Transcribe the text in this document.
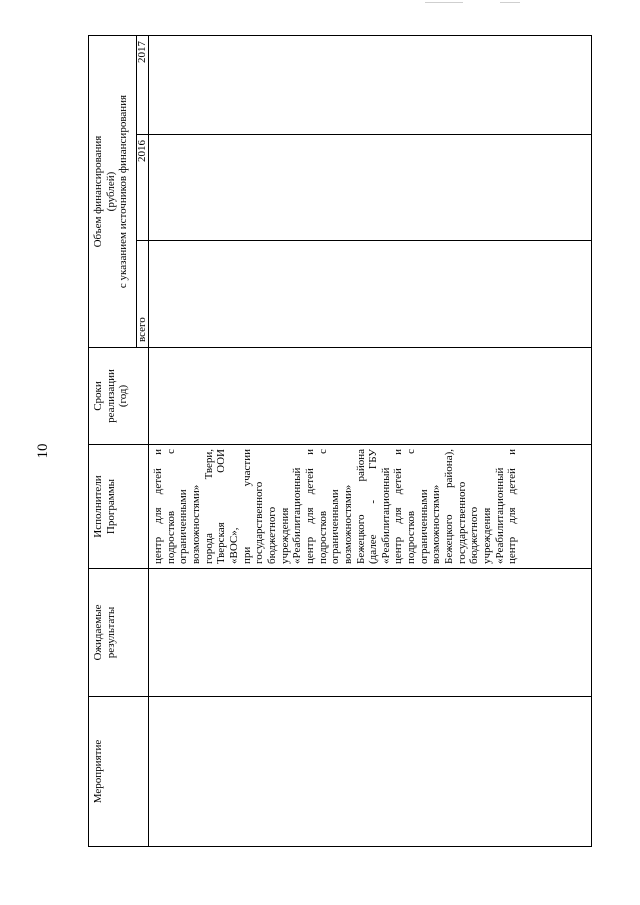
10
Мероприятие
Ожидаемые результаты
Исполнители Программы
Сроки реализации (год)
Объем финансирования (рублей) с указанием источников финансирования
всего
2016
2017
центр для детей и подростков с ограниченными возможностями» города Твери, Тверская ООИ «ВОС», при участии государственного бюджетного учреждения «Реабилитационный центр для детей и подростков с ограниченными возможностями» Бежецкого района (далее - ГБУ «Реабилитационный центр для детей и подростков с ограниченными возможностями» Бежецкого района), государственного бюджетного учреждения «Реабилитационный центр для детей и
